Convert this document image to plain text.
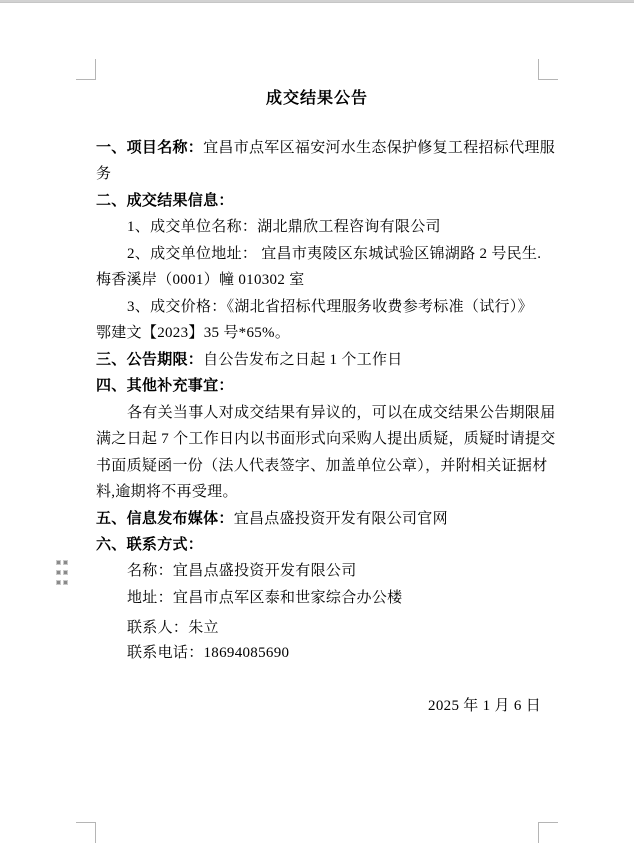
成交结果公告
一、项目名称：宜昌市点军区福安河水生态保护修复工程招标代理服
务
二、成交结果信息：
1、成交单位名称：湖北鼎欣工程咨询有限公司
2、成交单位地址： 宜昌市夷陵区东城试验区锦湖路 2 号民生.
梅香溪岸（0001）幢 010302 室
3、成交价格：《湖北省招标代理服务收费参考标准（试行）》
鄂建文【2023】35 号*65%。
三、公告期限：自公告发布之日起 1 个工作日
四、其他补充事宜：
各有关当事人对成交结果有异议的，可以在成交结果公告期限届
满之日起 7 个工作日内以书面形式向采购人提出质疑，质疑时请提交
书面质疑函一份（法人代表签字、加盖单位公章），并附相关证据材
料,逾期将不再受理。
五、信息发布媒体：宜昌点盛投资开发有限公司官网
六、联系方式：
名称：宜昌点盛投资开发有限公司
地址：宜昌市点军区泰和世家综合办公楼
联系人：朱立
联系电话：18694085690
2025 年 1 月 6 日
